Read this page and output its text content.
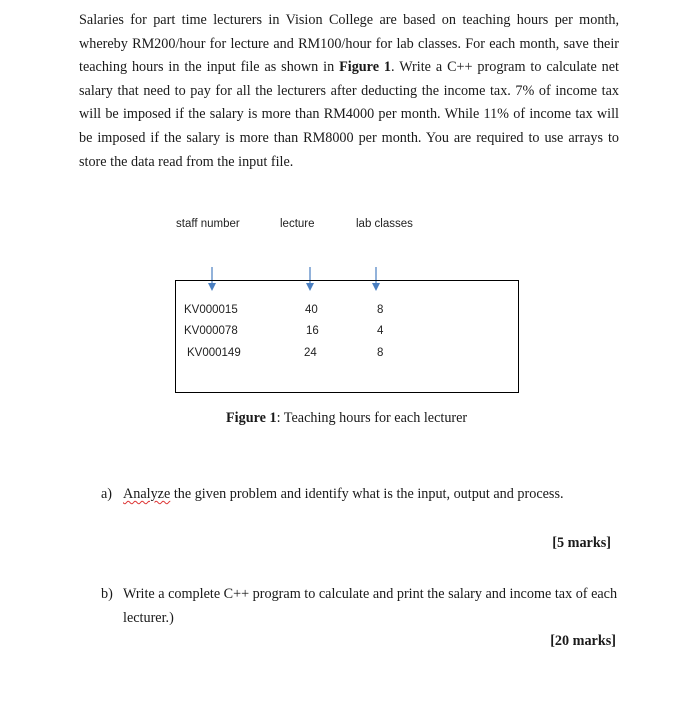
Salaries for part time lecturers in Vision College are based on teaching hours per month, whereby RM200/hour for lecture and RM100/hour for lab classes. For each month, save their teaching hours in the input file as shown in Figure 1. Write a C++ program to calculate net salary that need to pay for all the lecturers after deducting the income tax. 7% of income tax will be imposed if the salary is more than RM4000 per month. While 11% of income tax will be imposed if the salary is more than RM8000 per month. You are required to use arrays to store the data read from the input file.
staff number	lecture	lab classes
KV000015	40	8
KV000078	16	4
KV000149	24	8
Figure 1: Teaching hours for each lecturer
a) Analyze the given problem and identify what is the input, output and process.
[5 marks]
b) Write a complete C++ program to calculate and print the salary and income tax of each
lecturer.)
[20 marks]
